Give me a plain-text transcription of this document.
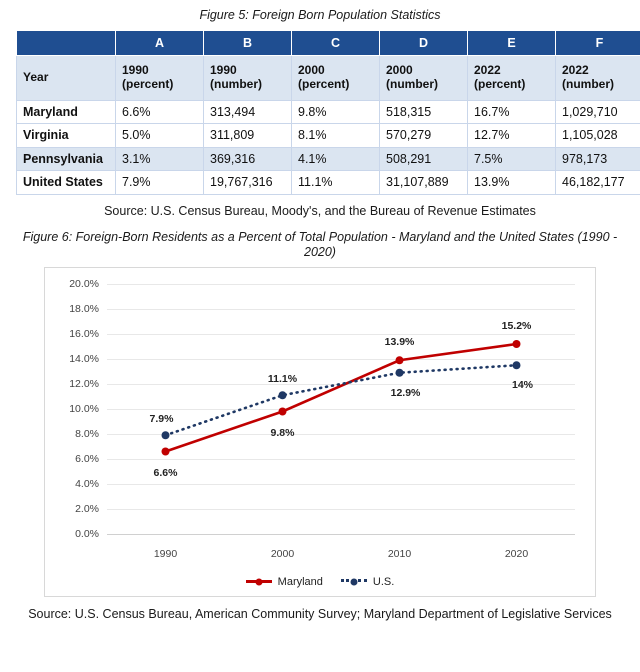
Figure 5: Foreign Born Population Statistics
	A	B	C	D	E	F
Year	1990 (percent)	1990 (number)	2000 (percent)	2000 (number)	2022 (percent)	2022 (number)
Maryland	6.6%	313,494	9.8%	518,315	16.7%	1,029,710
Virginia	5.0%	311,809	8.1%	570,279	12.7%	1,105,028
Pennsylvania	3.1%	369,316	4.1%	508,291	7.5%	978,173
United States	7.9%	19,767,316	11.1%	31,107,889	13.9%	46,182,177
Source: U.S. Census Bureau, Moody's, and the Bureau of Revenue Estimates
Figure 6: Foreign-Born Residents as a Percent of Total Population - Maryland and the United States (1990 - 2020)
0.0%
2.0%
4.0%
6.0%
8.0%
10.0%
12.0%
14.0%
16.0%
18.0%
20.0%
1990	2000	2010	2020
6.6%
9.8%
13.9%
15.2%
7.9%
11.1%
12.9%
14%
Maryland	U.S.
Source: U.S. Census Bureau, American Community Survey; Maryland Department of Legislative Services
